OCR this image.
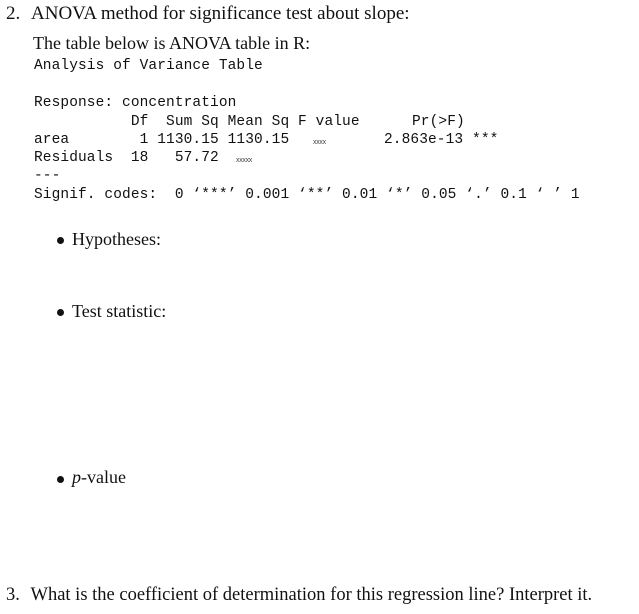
2. ANOVA method for significance test about slope:
The table below is ANOVA table in R:
Analysis of Variance Table
Response: concentration
Df  Sum Sq Mean Sq F value	Pr(>F)
area        1 1130.15 1130.15	xxxx	2.863e-13 ***
Residuals  18   57.72 xxxxx
---
Signif. codes:  0 ‘***’ 0.001 ‘**’ 0.01 ‘*’ 0.05 ‘.’ 0.1 ‘ ’ 1
Hypotheses:
Test statistic:
p-value
3. What is the coefficient of determination for this regression line? Interpret it.
